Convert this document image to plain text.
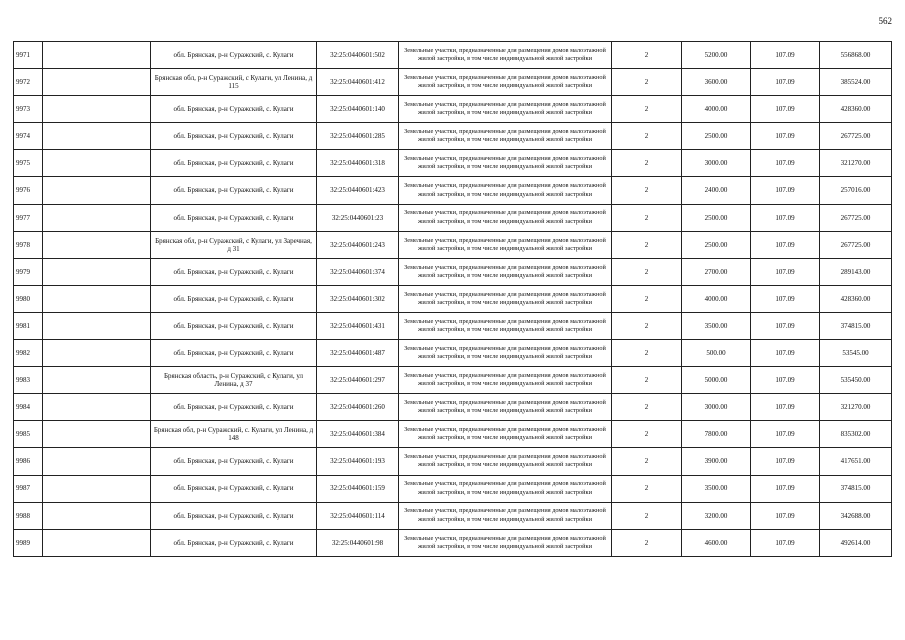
562
9971		обл. Брянская, р-н Суражский, с. Кулаги	32:25:0440601:502	Земельные участки, предназначенные для размещения домов малоэтажной жилой застройки, в том числе индивидуальной жилой застройки	2	5200.00	107.09	556868.00
9972		Брянская обл, р-н Суражский, с Кулаги, ул Ленина, д 115	32:25:0440601:412	Земельные участки, предназначенные для размещения домов малоэтажной жилой застройки, в том числе индивидуальной жилой застройки	2	3600.00	107.09	385524.00
9973		обл. Брянская, р-н Суражский, с. Кулаги	32:25:0440601:140	Земельные участки, предназначенные для размещения домов малоэтажной жилой застройки, в том числе индивидуальной жилой застройки	2	4000.00	107.09	428360.00
9974		обл. Брянская, р-н Суражский, с. Кулаги	32:25:0440601:285	Земельные участки, предназначенные для размещения домов малоэтажной жилой застройки, в том числе индивидуальной жилой застройки	2	2500.00	107.09	267725.00
9975		обл. Брянская, р-н Суражский, с. Кулаги	32:25:0440601:318	Земельные участки, предназначенные для размещения домов малоэтажной жилой застройки, в том числе индивидуальной жилой застройки	2	3000.00	107.09	321270.00
9976		обл. Брянская, р-н Суражский, с. Кулаги	32:25:0440601:423	Земельные участки, предназначенные для размещения домов малоэтажной жилой застройки, в том числе индивидуальной жилой застройки	2	2400.00	107.09	257016.00
9977		обл. Брянская, р-н Суражский, с. Кулаги	32:25:0440601:23	Земельные участки, предназначенные для размещения домов малоэтажной жилой застройки, в том числе индивидуальной жилой застройки	2	2500.00	107.09	267725.00
9978		Брянская обл, р-н Суражский, с Кулаги, ул Заречная, д 31	32:25:0440601:243	Земельные участки, предназначенные для размещения домов малоэтажной жилой застройки, в том числе индивидуальной жилой застройки	2	2500.00	107.09	267725.00
9979		обл. Брянская, р-н Суражский, с. Кулаги	32:25:0440601:374	Земельные участки, предназначенные для размещения домов малоэтажной жилой застройки, в том числе индивидуальной жилой застройки	2	2700.00	107.09	289143.00
9980		обл. Брянская, р-н Суражский, с. Кулаги	32:25:0440601:302	Земельные участки, предназначенные для размещения домов малоэтажной жилой застройки, в том числе индивидуальной жилой застройки	2	4000.00	107.09	428360.00
9981		обл. Брянская, р-н Суражский, с. Кулаги	32:25:0440601:431	Земельные участки, предназначенные для размещения домов малоэтажной жилой застройки, в том числе индивидуальной жилой застройки	2	3500.00	107.09	374815.00
9982		обл. Брянская, р-н Суражский, с. Кулаги	32:25:0440601:487	Земельные участки, предназначенные для размещения домов малоэтажной жилой застройки, в том числе индивидуальной жилой застройки	2	500.00	107.09	53545.00
9983		Брянская область, р-н Суражский, с Кулаги, ул Ленина, д 37	32:25:0440601:297	Земельные участки, предназначенные для размещения домов малоэтажной жилой застройки, в том числе индивидуальной жилой застройки	2	5000.00	107.09	535450.00
9984		обл. Брянская, р-н Суражский, с. Кулаги	32:25:0440601:260	Земельные участки, предназначенные для размещения домов малоэтажной жилой застройки, в том числе индивидуальной жилой застройки	2	3000.00	107.09	321270.00
9985		Брянская обл, р-н Суражский, с. Кулаги, ул Ленина, д 148	32:25:0440601:384	Земельные участки, предназначенные для размещения домов малоэтажной жилой застройки, в том числе индивидуальной жилой застройки	2	7800.00	107.09	835302.00
9986		обл. Брянская, р-н Суражский, с. Кулаги	32:25:0440601:193	Земельные участки, предназначенные для размещения домов малоэтажной жилой застройки, в том числе индивидуальной жилой застройки	2	3900.00	107.09	417651.00
9987		обл. Брянская, р-н Суражский, с. Кулаги	32:25:0440601:159	Земельные участки, предназначенные для размещения домов малоэтажной жилой застройки, в том числе индивидуальной жилой застройки	2	3500.00	107.09	374815.00
9988		обл. Брянская, р-н Суражский, с. Кулаги	32:25:0440601:114	Земельные участки, предназначенные для размещения домов малоэтажной жилой застройки, в том числе индивидуальной жилой застройки	2	3200.00	107.09	342688.00
9989		обл. Брянская, р-н Суражский, с. Кулаги	32:25:0440601:98	Земельные участки, предназначенные для размещения домов малоэтажной жилой застройки, в том числе индивидуальной жилой застройки	2	4600.00	107.09	492614.00
